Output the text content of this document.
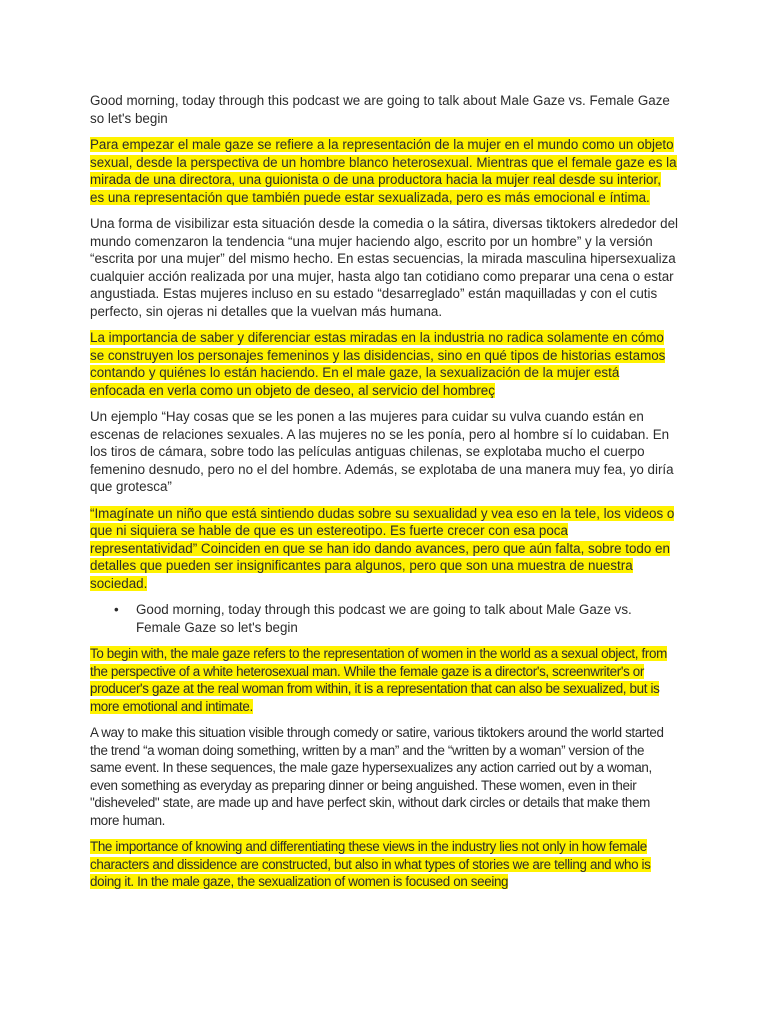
Good morning, today through this podcast we are going to talk about Male Gaze vs. Female Gaze so let's begin

Para empezar el male gaze se refiere a la representación de la mujer en el mundo como un objeto sexual, desde la perspectiva de un hombre blanco heterosexual. Mientras que el female gaze es la mirada de una directora, una guionista o de una productora hacia la mujer real desde su interior, es una representación que también puede estar sexualizada, pero es más emocional e íntima.

Una forma de visibilizar esta situación desde la comedia o la sátira, diversas tiktokers alrededor del mundo comenzaron la tendencia “una mujer haciendo algo, escrito por un hombre” y la versión “escrita por una mujer” del mismo hecho. En estas secuencias, la mirada masculina hipersexualiza cualquier acción realizada por una mujer, hasta algo tan cotidiano como preparar una cena o estar angustiada. Estas mujeres incluso en su estado “desarreglado” están maquilladas y con el cutis perfecto, sin ojeras ni detalles que la vuelvan más humana.

La importancia de saber y diferenciar estas miradas en la industria no radica solamente en cómo se construyen los personajes femeninos y las disidencias, sino en qué tipos de historias estamos contando y quiénes lo están haciendo. En el male gaze, la sexualización de la mujer está enfocada en verla como un objeto de deseo, al servicio del hombreç

Un ejemplo “Hay cosas que se les ponen a las mujeres para cuidar su vulva cuando están en escenas de relaciones sexuales. A las mujeres no se les ponía, pero al hombre sí lo cuidaban. En los tiros de cámara, sobre todo las películas antiguas chilenas, se explotaba mucho el cuerpo femenino desnudo, pero no el del hombre. Además, se explotaba de una manera muy fea, yo diría que grotesca”

“Imagínate un niño que está sintiendo dudas sobre su sexualidad y vea eso en la tele, los videos o que ni siquiera se hable de que es un estereotipo. Es fuerte crecer con esa poca representatividad” Coinciden en que se han ido dando avances, pero que aún falta, sobre todo en detalles que pueden ser insignificantes para algunos, pero que son una muestra de nuestra sociedad.

•	Good morning, today through this podcast we are going to talk about Male Gaze vs. Female Gaze so let's begin

To begin with, the male gaze refers to the representation of women in the world as a sexual object, from the perspective of a white heterosexual man. While the female gaze is a director's, screenwriter's or producer's gaze at the real woman from within, it is a representation that can also be sexualized, but is more emotional and intimate.

A way to make this situation visible through comedy or satire, various tiktokers around the world started the trend “a woman doing something, written by a man” and the “written by a woman” version of the same event. In these sequences, the male gaze hypersexualizes any action carried out by a woman, even something as everyday as preparing dinner or being anguished. These women, even in their "disheveled" state, are made up and have perfect skin, without dark circles or details that make them more human.

The importance of knowing and differentiating these views in the industry lies not only in how female characters and dissidence are constructed, but also in what types of stories we are telling and who is doing it. In the male gaze, the sexualization of women is focused on seeing
